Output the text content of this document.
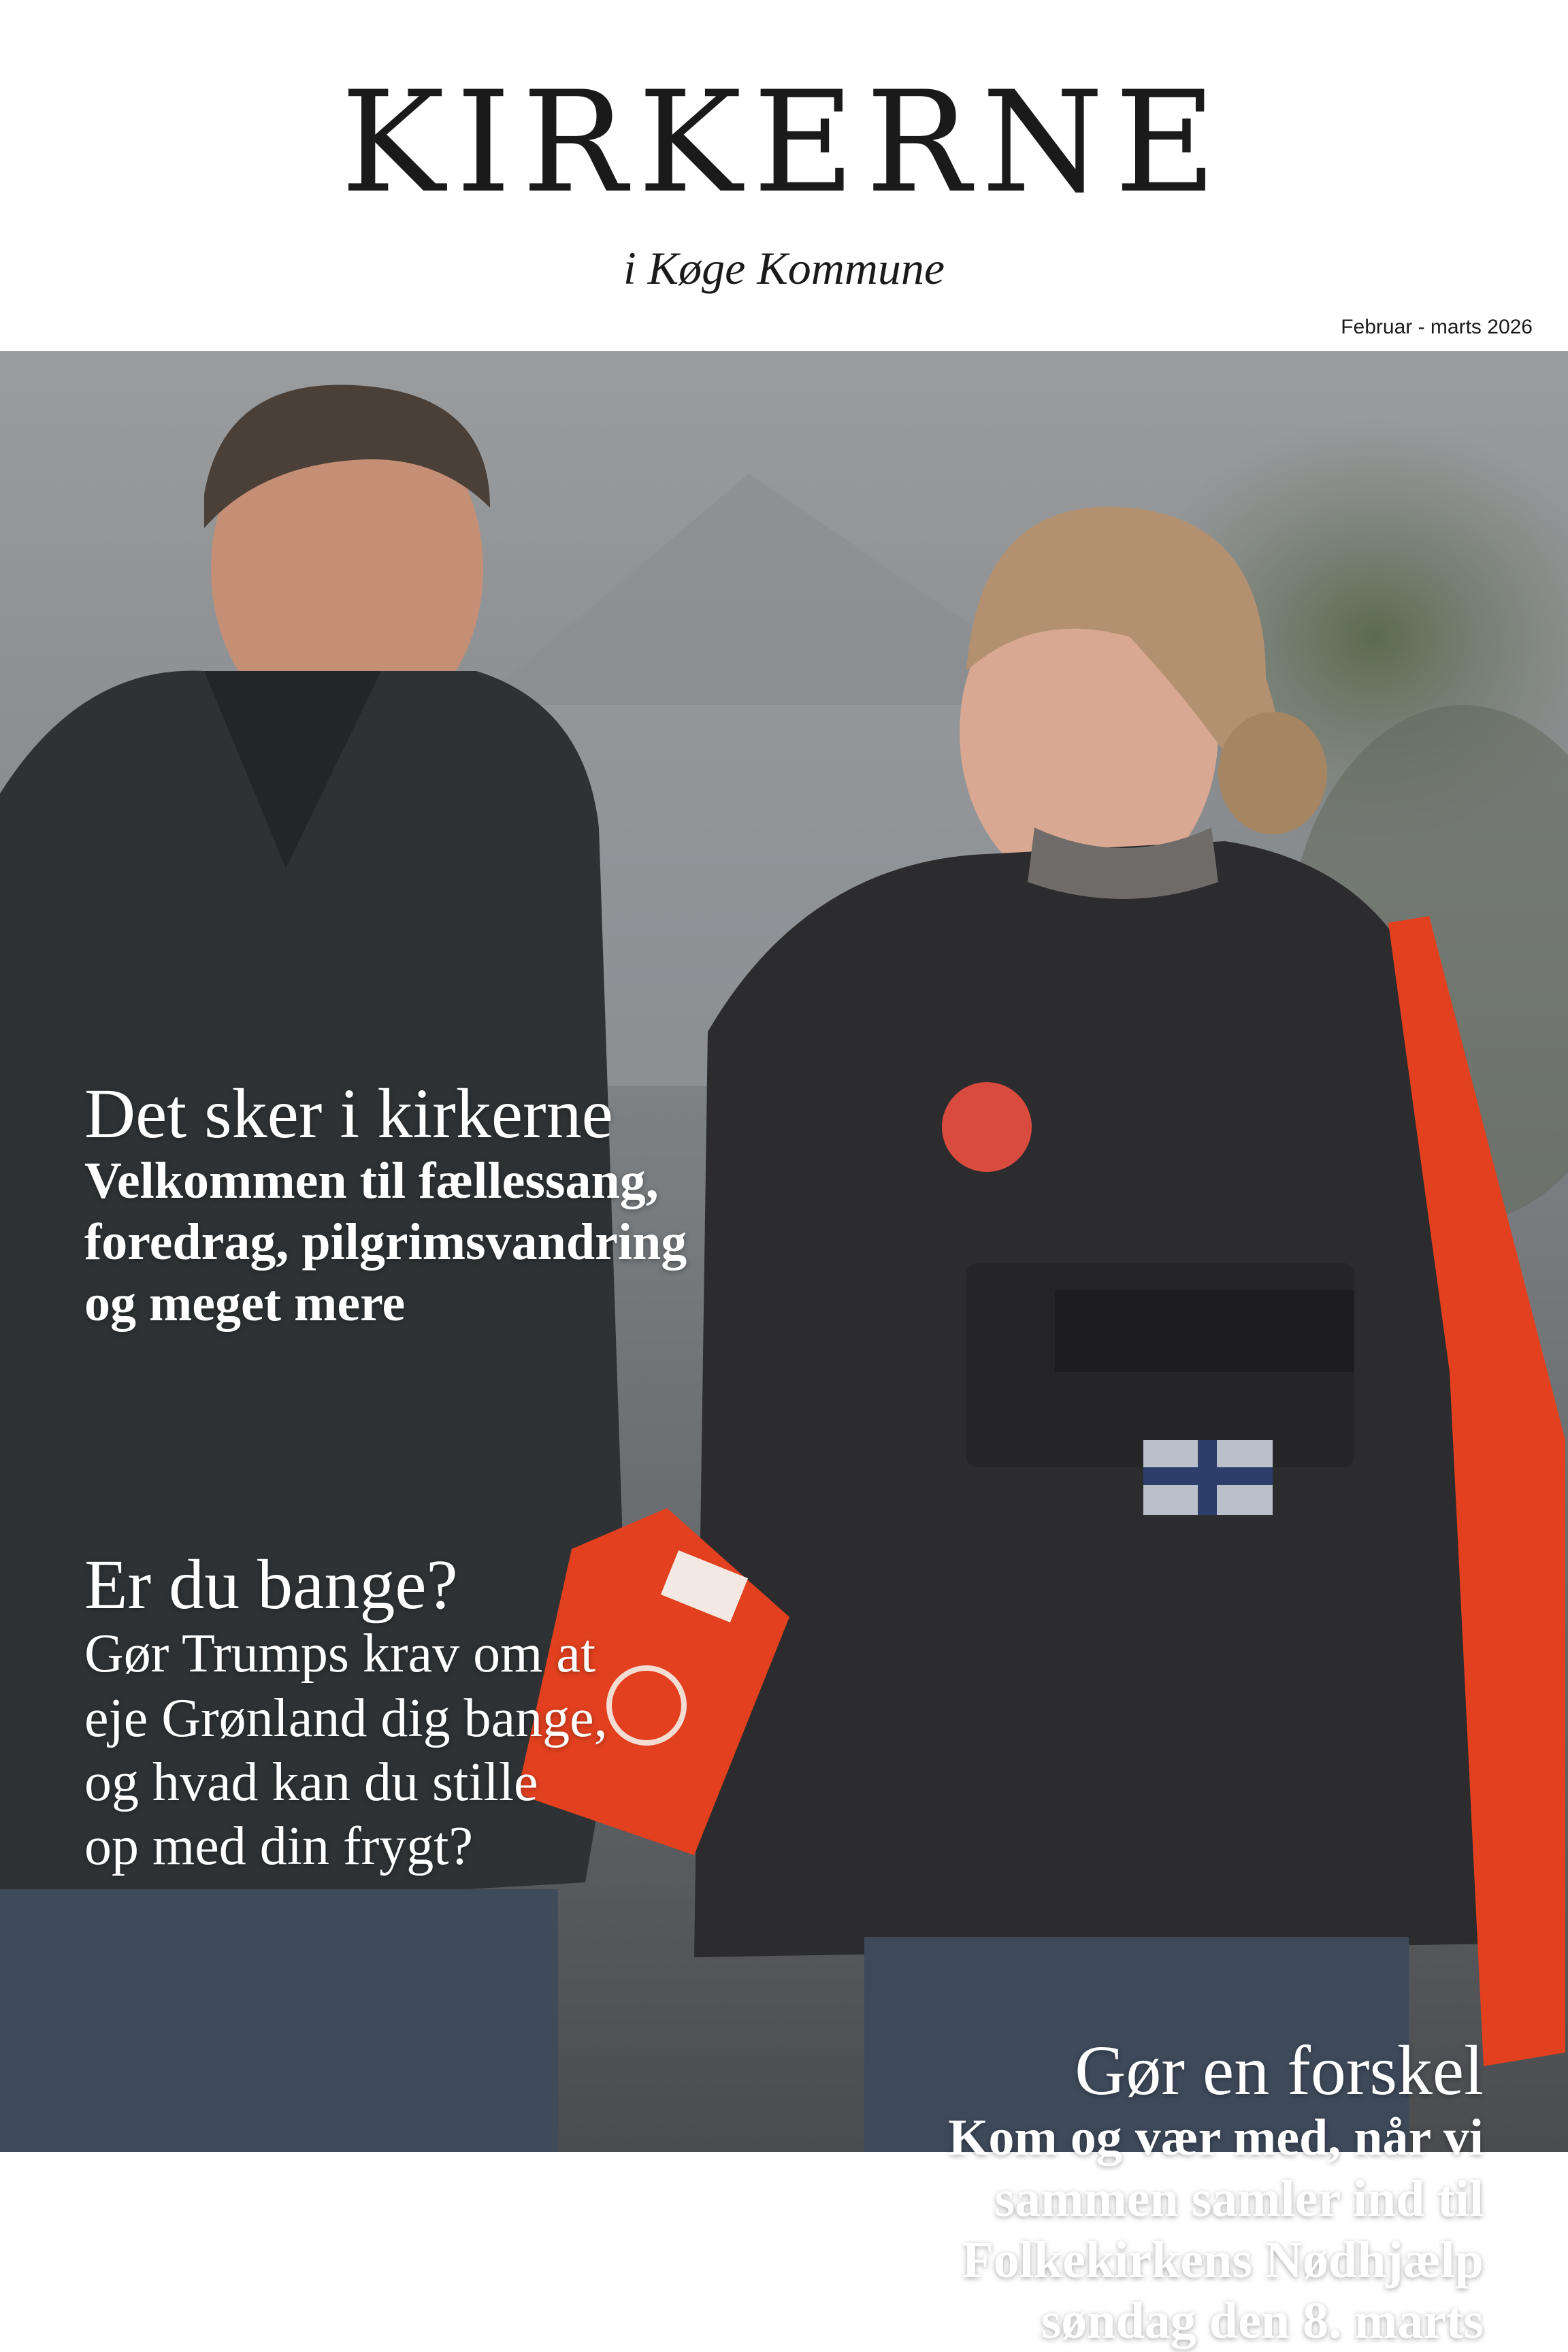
KIRKERNE
i Køge Kommune
Februar - marts 2026
Det sker i kirkerne
Velkommen til fællessang,
foredrag, pilgrimsvandring
og meget mere
Er du bange?
Gør Trumps krav om at
eje Grønland dig bange,
og hvad kan du stille
op med din frygt?
Gør en forskel
Kom og vær med, når vi
sammen samler ind til
Folkekirkens Nødhjælp
søndag den 8. marts
